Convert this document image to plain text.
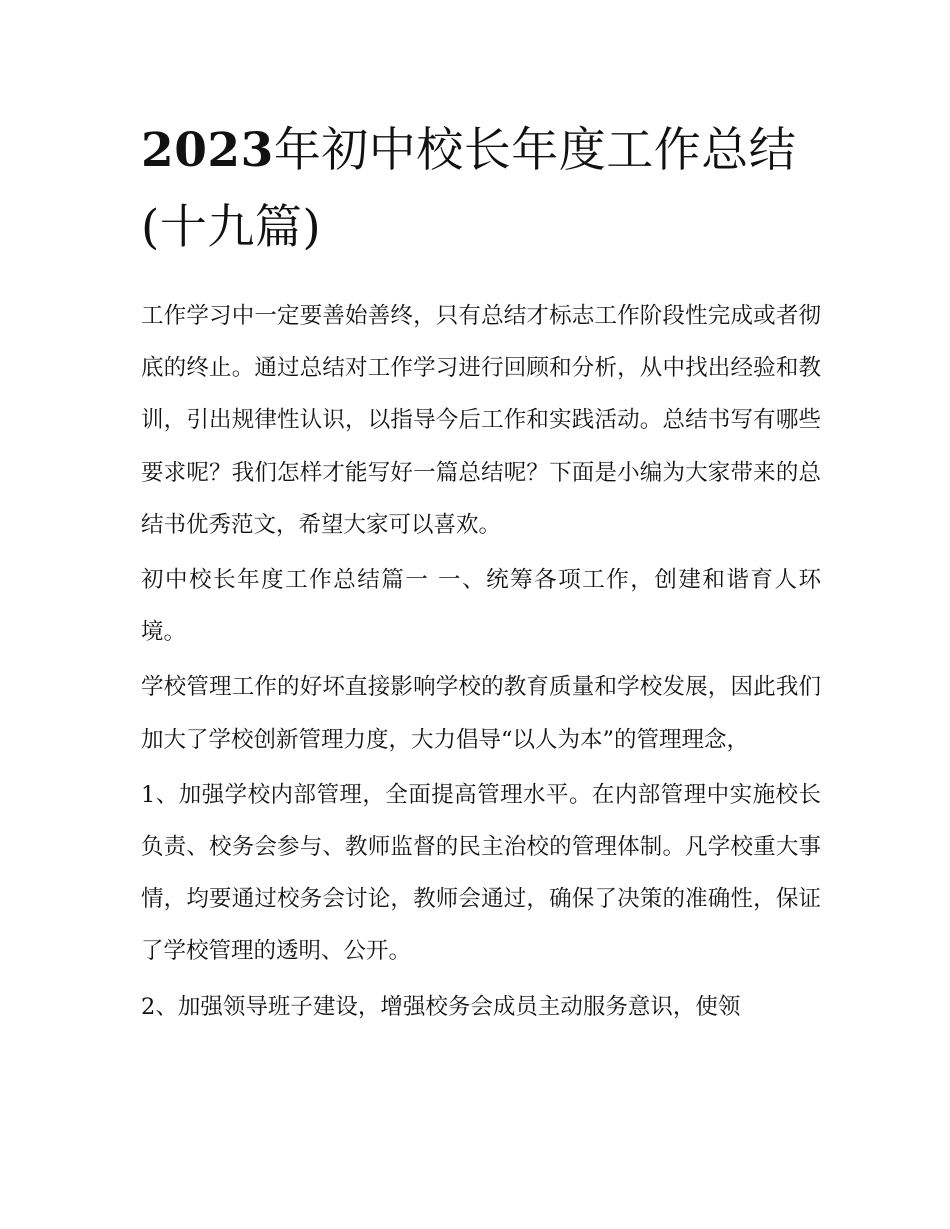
2023年初中校长年度工作总结(十九篇)

工作学习中一定要善始善终，只有总结才标志工作阶段性完成或者彻底的终止。通过总结对工作学习进行回顾和分析，从中找出经验和教训，引出规律性认识，以指导今后工作和实践活动。总结书写有哪些要求呢？我们怎样才能写好一篇总结呢？下面是小编为大家带来的总结书优秀范文，希望大家可以喜欢。

初中校长年度工作总结篇一 一、统筹各项工作，创建和谐育人环境。

学校管理工作的好坏直接影响学校的教育质量和学校发展，因此我们加大了学校创新管理力度，大力倡导“以人为本”的管理理念，

1、加强学校内部管理，全面提高管理水平。在内部管理中实施校长负责、校务会参与、教师监督的民主治校的管理体制。凡学校重大事情，均要通过校务会讨论，教师会通过，确保了决策的准确性，保证了学校管理的透明、公开。

2、加强领导班子建设，增强校务会成员主动服务意识，使领
